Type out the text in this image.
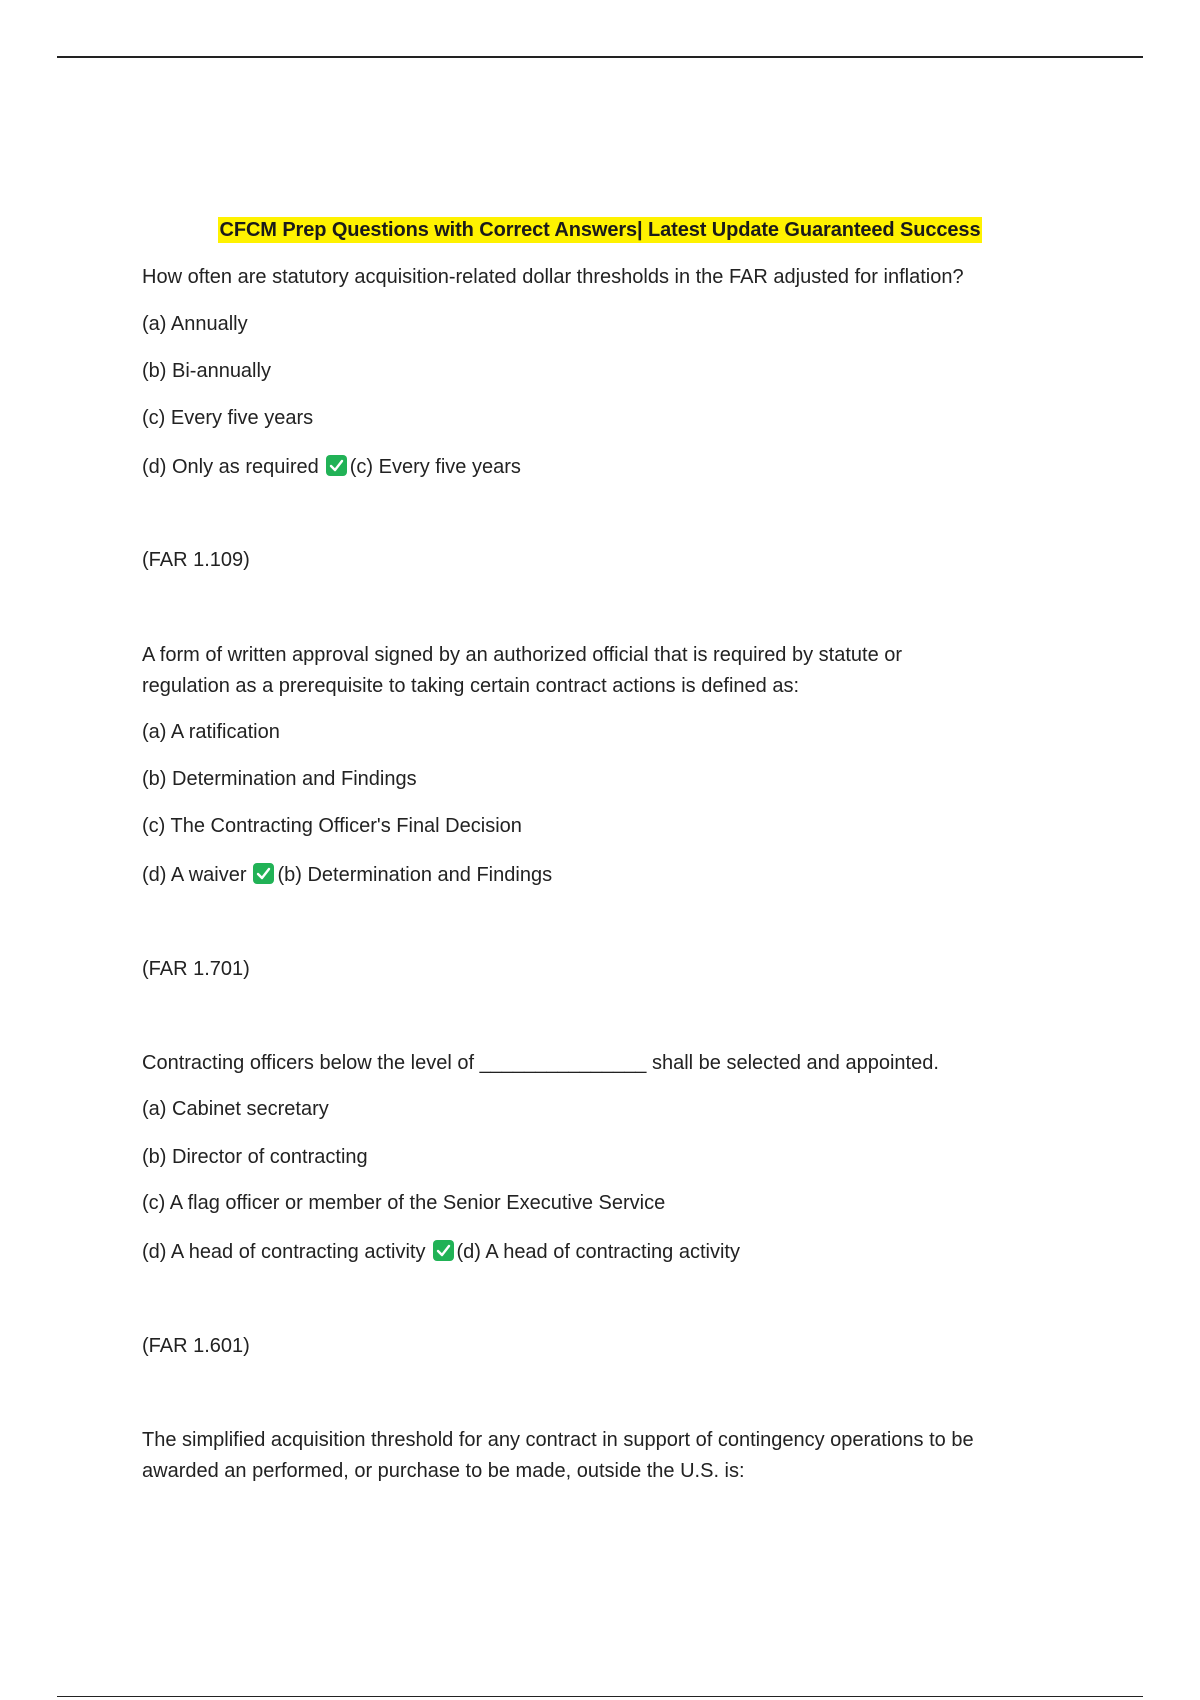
CFCM Prep Questions with Correct Answers| Latest Update Guaranteed Success
How often are statutory acquisition-related dollar thresholds in the FAR adjusted for inflation?
(a) Annually
(b) Bi-annually
(c) Every five years
(d) Only as required (c) Every five years
(FAR 1.109)
A form of written approval signed by an authorized official that is required by statute or
regulation as a prerequisite to taking certain contract actions is defined as:
(a) A ratification
(b) Determination and Findings
(c) The Contracting Officer's Final Decision
(d) A waiver (b) Determination and Findings
(FAR 1.701)
Contracting officers below the level of _______________ shall be selected and appointed.
(a) Cabinet secretary
(b) Director of contracting
(c) A flag officer or member of the Senior Executive Service
(d) A head of contracting activity (d) A head of contracting activity
(FAR 1.601)
The simplified acquisition threshold for any contract in support of contingency operations to be
awarded an performed, or purchase to be made, outside the U.S. is:
